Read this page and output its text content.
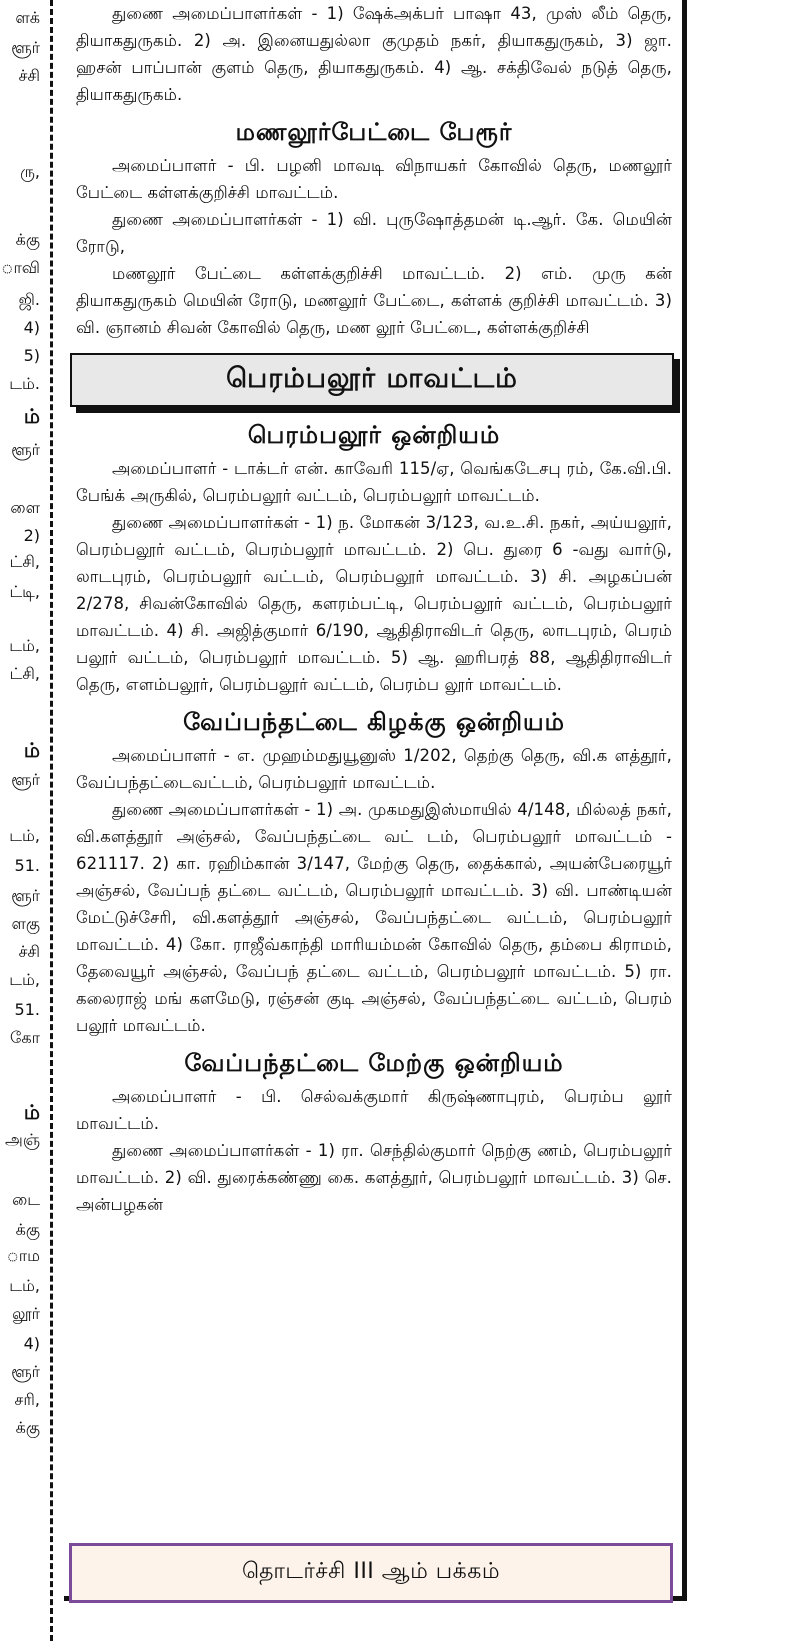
ளக்
ளூர்
ச்சி
ரு,
க்கு
ாவி
ஜி.
4)
5)
டம்.
ம்
ளூர்
ளை
2)
ட்சி,
ட்டி,
டம்,
ட்சி,
ம்
ளூர்
டம்,
51.
ளூர்
ளகு
ச்சி
டம்,
51.
கோ
ம்
அஞ்
டை
க்கு
ாம
டம்,
லூர்
4)
ளூர்
சரி,
க்கு

துணை அமைப்பாளர்கள் - 1) ஷேக்அக்பர் பாஷா 43, முஸ் லீம் தெரு, தியாகதுருகம். 2) அ. இனையதுல்லா குமுதம் நகர், தியாகதுருகம், 3) ஜா. ஹசன் பாப்பான் குளம் தெரு, தியாகதுருகம். 4) ஆ. சக்திவேல் நடுத் தெரு, தியாகதுருகம்.

மணலூர்பேட்டை பேரூர்

அமைப்பாளர் - பி. பழனி மாவடி விநாயகர் கோவில் தெரு, மணலூர் பேட்டை கள்ளக்குறிச்சி மாவட்டம்.

துணை அமைப்பாளர்கள் - 1) வி. புருஷோத்தமன் டி.ஆர். கே. மெயின் ரோடு,

மணலூர் பேட்டை கள்ளக்குறிச்சி மாவட்டம். 2) எம். முரு கன் தியாகதுருகம் மெயின் ரோடு, மணலூர் பேட்டை, கள்ளக் குறிச்சி மாவட்டம். 3) வி. ஞானம் சிவன் கோவில் தெரு, மண லூர் பேட்டை, கள்ளக்குறிச்சி

பெரம்பலூர் மாவட்டம்
பெரம்பலூர் ஒன்றியம்

அமைப்பாளர் - டாக்டர் என். காவேரி 115/ஏ, வெங்கடேசபு ரம், கே.வி.பி. பேங்க் அருகில், பெரம்பலூர் வட்டம், பெரம்பலூர் மாவட்டம்.

துணை அமைப்பாளர்கள் - 1) ந. மோகன் 3/123, வ.உ.சி. நகர், அய்யலூர், பெரம்பலூர் வட்டம், பெரம்பலூர் மாவட்டம். 2) பெ. துரை 6 -வது வார்டு, லாடபுரம், பெரம்பலூர் வட்டம், பெரம்பலூர் மாவட்டம். 3) சி. அழகப்பன் 2/278, சிவன்கோவில் தெரு, களரம்பட்டி, பெரம்பலூர் வட்டம், பெரம்பலூர் மாவட்டம். 4) சி. அஜித்குமார் 6/190, ஆதிதிராவிடர் தெரு, லாடபுரம், பெரம் பலூர் வட்டம், பெரம்பலூர் மாவட்டம். 5) ஆ. ஹரிபரத் 88, ஆதிதிராவிடர் தெரு, எளம்பலூர், பெரம்பலூர் வட்டம், பெரம்ப லூர் மாவட்டம்.

வேப்பந்தட்டை கிழக்கு ஒன்றியம்

அமைப்பாளர் - எ. முஹம்மதுயூனுஸ் 1/202, தெற்கு தெரு, வி.க ளத்தூர், வேப்பந்தட்டைவட்டம், பெரம்பலூர் மாவட்டம்.

துணை அமைப்பாளர்கள் - 1) அ. முகமதுஇஸ்மாயில் 4/148, மில்லத் நகர், வி.களத்தூர் அஞ்சல், வேப்பந்தட்டை வட் டம், பெரம்பலூர் மாவட்டம் - 621117. 2) கா. ரஹிம்கான் 3/147, மேற்கு தெரு, தைக்கால், அயன்பேரையூர் அஞ்சல், வேப்பந் தட்டை வட்டம், பெரம்பலூர் மாவட்டம். 3) வி. பாண்டியன் மேட்டுச்சேரி, வி.களத்தூர் அஞ்சல், வேப்பந்தட்டை வட்டம், பெரம்பலூர் மாவட்டம். 4) கோ. ராஜீவ்காந்தி மாரியம்மன் கோவில் தெரு, தம்பை கிராமம், தேவையூர் அஞ்சல், வேப்பந் தட்டை வட்டம், பெரம்பலூர் மாவட்டம். 5) ரா. கலைராஜ் மங் களமேடு, ரஞ்சன் குடி அஞ்சல், வேப்பந்தட்டை வட்டம், பெரம் பலூர் மாவட்டம்.

வேப்பந்தட்டை மேற்கு ஒன்றியம்

அமைப்பாளர் - பி. செல்வக்குமார் கிருஷ்ணாபுரம், பெரம்ப லூர் மாவட்டம்.

துணை அமைப்பாளர்கள் - 1) ரா. செந்தில்குமார் நெற்கு ணம், பெரம்பலூர் மாவட்டம். 2) வி. துரைக்கண்ணு கை. களத்தூர், பெரம்பலூர் மாவட்டம். 3) செ. அன்பழகன்

தொடர்ச்சி III ஆம் பக்கம்
